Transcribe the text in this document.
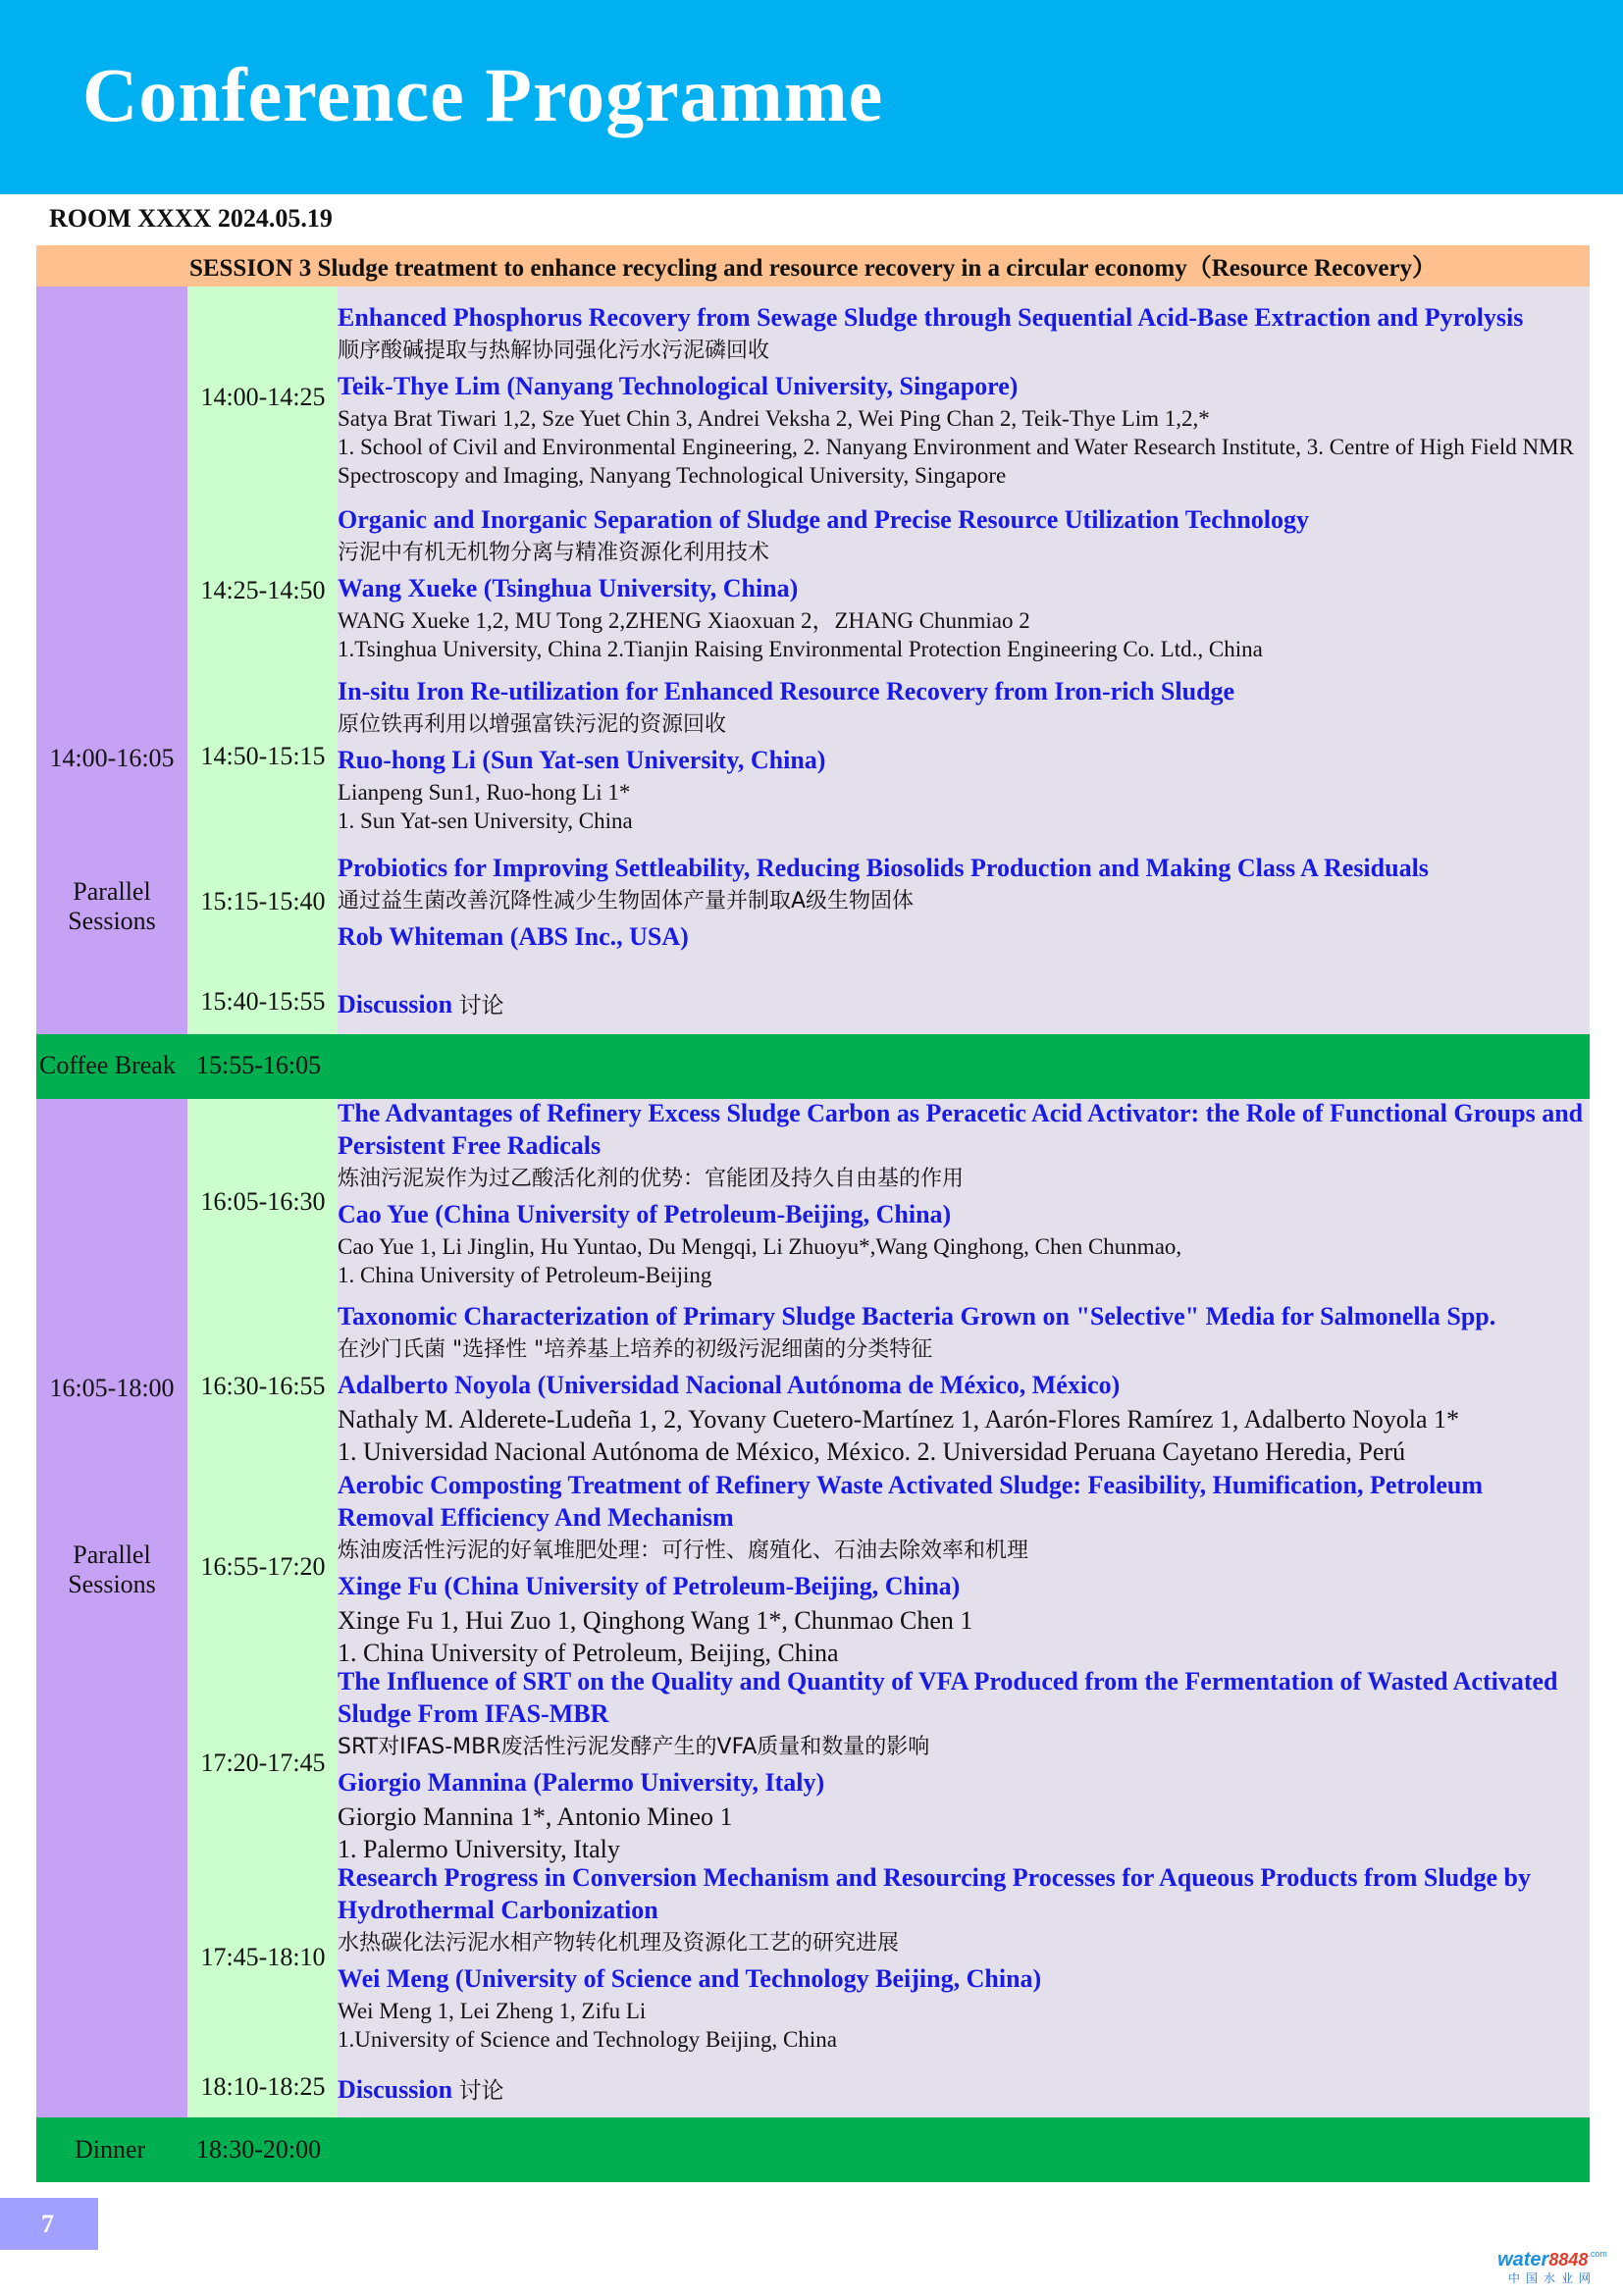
Conference Programme
ROOM XXXX 2024.05.19
SESSION 3 Sludge treatment to enhance recycling and resource recovery in a circular economy（Resource Recovery）
14:00-16:05
Parallel Sessions
14:00-14:25
Enhanced Phosphorus Recovery from Sewage Sludge through Sequential Acid-Base Extraction and Pyrolysis
顺序酸碱提取与热解协同强化污水污泥磷回收
Teik-Thye Lim (Nanyang Technological University, Singapore)
Satya Brat Tiwari 1,2, Sze Yuet Chin 3, Andrei Veksha 2, Wei Ping Chan 2, Teik-Thye Lim 1,2,*
1. School of Civil and Environmental Engineering, 2. Nanyang Environment and Water Research Institute, 3. Centre of High Field NMR Spectroscopy and Imaging, Nanyang Technological University, Singapore
14:25-14:50
Organic and Inorganic Separation of Sludge and Precise Resource Utilization Technology
污泥中有机无机物分离与精准资源化利用技术
Wang Xueke (Tsinghua University, China)
WANG Xueke 1,2, MU Tong 2,ZHENG Xiaoxuan 2，ZHANG Chunmiao 2
1.Tsinghua University, China 2.Tianjin Raising Environmental Protection Engineering Co. Ltd., China
14:50-15:15
In-situ Iron Re-utilization for Enhanced Resource Recovery from Iron-rich Sludge
原位铁再利用以增强富铁污泥的资源回收
Ruo-hong Li (Sun Yat-sen University, China)
Lianpeng Sun1, Ruo-hong Li 1*
1. Sun Yat-sen University, China
15:15-15:40
Probiotics for Improving Settleability, Reducing Biosolids Production and Making Class A Residuals
通过益生菌改善沉降性减少生物固体产量并制取A级生物固体
Rob Whiteman (ABS Inc., USA)
15:40-15:55 Discussion 讨论
Coffee Break 15:55-16:05
16:05-18:00
Parallel Sessions
16:05-16:30
The Advantages of Refinery Excess Sludge Carbon as Peracetic Acid Activator: the Role of Functional Groups and Persistent Free Radicals
炼油污泥炭作为过乙酸活化剂的优势：官能团及持久自由基的作用
Cao Yue (China University of Petroleum-Beijing, China)
Cao Yue 1, Li Jinglin, Hu Yuntao, Du Mengqi, Li Zhuoyu*,Wang Qinghong, Chen Chunmao,
1. China University of Petroleum-Beijing
16:30-16:55
Taxonomic Characterization of Primary Sludge Bacteria Grown on "Selective" Media for Salmonella Spp.
在沙门氏菌 "选择性 "培养基上培养的初级污泥细菌的分类特征
Adalberto Noyola (Universidad Nacional Autónoma de México, México)
Nathaly M. Alderete-Ludeña 1, 2, Yovany Cuetero-Martínez 1, Aarón-Flores Ramírez 1, Adalberto Noyola 1*
1. Universidad Nacional Autónoma de México, México. 2. Universidad Peruana Cayetano Heredia, Perú
16:55-17:20
Aerobic Composting Treatment of Refinery Waste Activated Sludge: Feasibility, Humification, Petroleum Removal Efficiency And Mechanism
炼油废活性污泥的好氧堆肥处理：可行性、腐殖化、石油去除效率和机理
Xinge Fu (China University of Petroleum-Beijing, China)
Xinge Fu 1, Hui Zuo 1, Qinghong Wang 1*, Chunmao Chen 1
1. China University of Petroleum, Beijing, China
17:20-17:45
The Influence of SRT on the Quality and Quantity of VFA Produced from the Fermentation of Wasted Activated Sludge From IFAS-MBR
SRT对IFAS-MBR废活性污泥发酵产生的VFA质量和数量的影响
Giorgio Mannina (Palermo University, Italy)
Giorgio Mannina 1*, Antonio Mineo 1
1. Palermo University, Italy
17:45-18:10
Research Progress in Conversion Mechanism and Resourcing Processes for Aqueous Products from Sludge by Hydrothermal Carbonization
水热碳化法污泥水相产物转化机理及资源化工艺的研究进展
Wei Meng (University of Science and Technology Beijing, China)
Wei Meng 1, Lei Zheng 1, Zifu Li
1.University of Science and Technology Beijing, China
18:10-18:25 Discussion 讨论
Dinner 18:30-20:00
7
$water8848^{.com}$
中国水业网
